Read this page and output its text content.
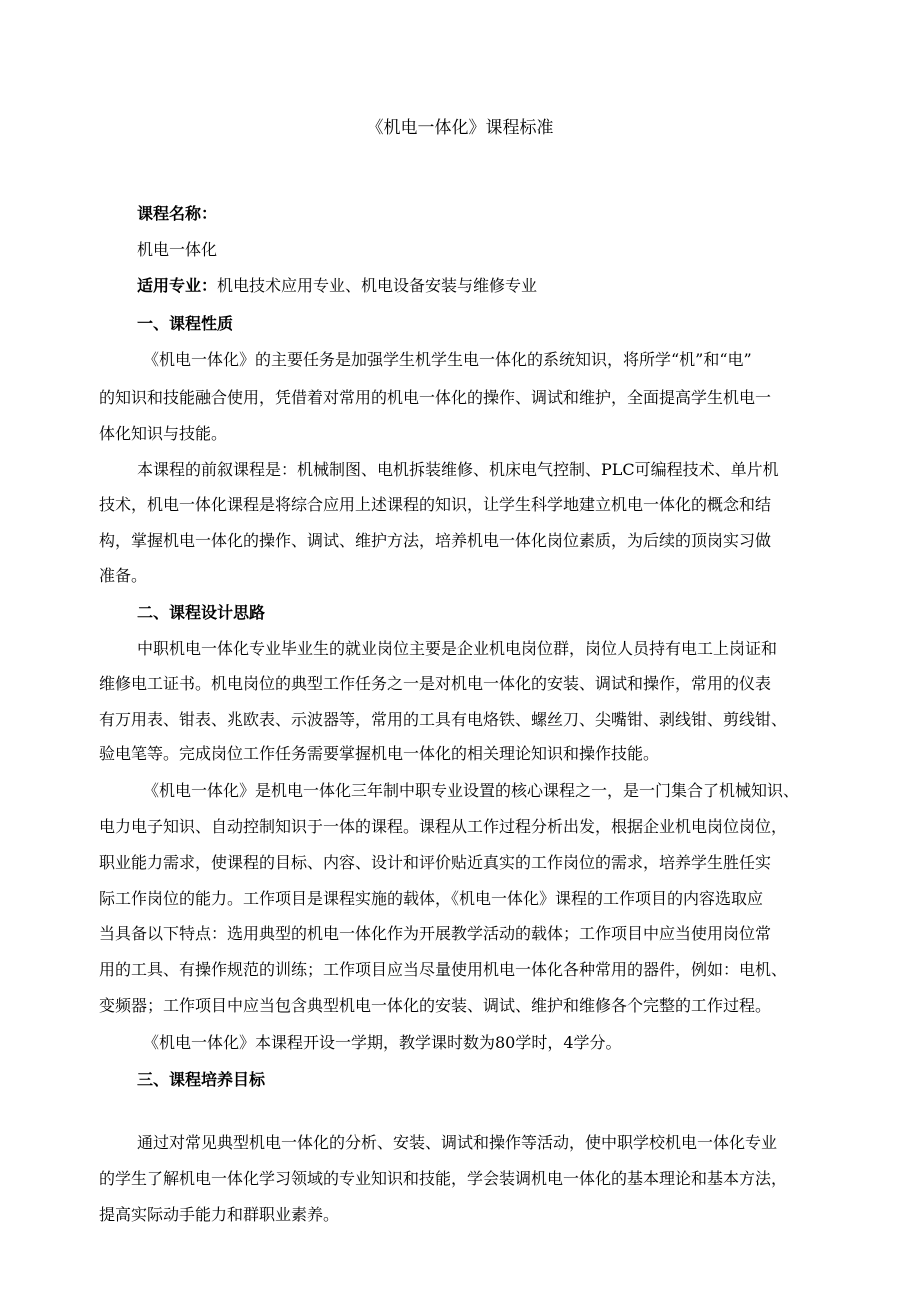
《机电一体化》课程标准
课程名称：
机电一体化
适用专业： 机电技术应用专业、机电设备安装与维修专业
一、课程性质
《机电一体化》的主要任务是加强学生机学生电一体化的系统知识，将所学“机”和“电”
的知识和技能融合使用，凭借着对常用的机电一体化的操作、调试和维护，全面提高学生机电一
体化知识与技能。
本课程的前叙课程是：机械制图、电机拆装维修、机床电气控制、PLC可编程技术、单片机
技术，机电一体化课程是将综合应用上述课程的知识，让学生科学地建立机电一体化的概念和结
构，掌握机电一体化的操作、调试、维护方法，培养机电一体化岗位素质，为后续的顶岗实习做
准备。
二、课程设计思路
中职机电一体化专业毕业生的就业岗位主要是企业机电岗位群，岗位人员持有电工上岗证和
维修电工证书。机电岗位的典型工作任务之一是对机电一体化的安装、调试和操作，常用的仪表
有万用表、钳表、兆欧表、示波器等，常用的工具有电烙铁、螺丝刀、尖嘴钳、剥线钳、剪线钳、
验电笔等。完成岗位工作任务需要掌握机电一体化的相关理论知识和操作技能。
《机电一体化》是机电一体化三年制中职专业设置的核心课程之一，是一门集合了机械知识、
电力电子知识、自动控制知识于一体的课程。课程从工作过程分析出发，根据企业机电岗位岗位，
职业能力需求，使课程的目标、内容、设计和评价贴近真实的工作岗位的需求，培养学生胜任实
际工作岗位的能力。工作项目是课程实施的载体，《机电一体化》课程的工作项目的内容选取应
当具备以下特点：选用典型的机电一体化作为开展教学活动的载体；工作项目中应当使用岗位常
用的工具、有操作规范的训练；工作项目应当尽量使用机电一体化各种常用的器件，例如：电机、
变频器；工作项目中应当包含典型机电一体化的安装、调试、维护和维修各个完整的工作过程。
《机电一体化》本课程开设一学期，教学课时数为80学时，4学分。
三、课程培养目标
通过对常见典型机电一体化的分析、安装、调试和操作等活动，使中职学校机电一体化专业
的学生了解机电一体化学习领域的专业知识和技能，学会装调机电一体化的基本理论和基本方法，
提高实际动手能力和群职业素养。
